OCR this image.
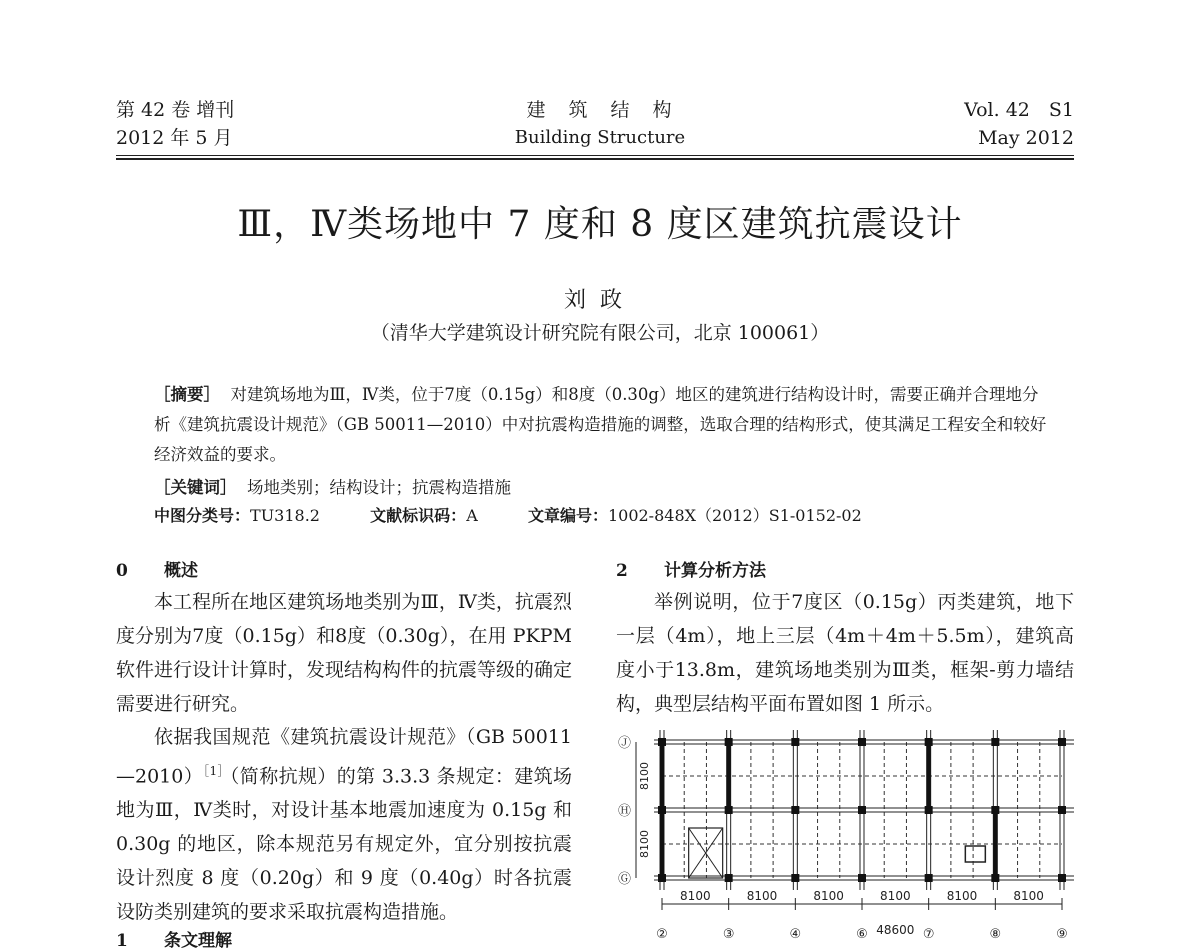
第 42 卷 增刊
2012 年 5 月
建　筑　结　构
Building Structure
Vol. 42　S1
May 2012
Ⅲ，Ⅳ类场地中 7 度和 8 度区建筑抗震设计
刘政
（清华大学建筑设计研究院有限公司，北京 100061）
［摘要］ 对建筑场地为Ⅲ，Ⅳ类，位于7度（0.15g）和8度（0.30g）地区的建筑进行结构设计时，需要正确并合理地分析《建筑抗震设计规范》（GB 50011—2010）中对抗震构造措施的调整，选取合理的结构形式，使其满足工程安全和较好经济效益的要求。
［关键词］ 场地类别；结构设计；抗震构造措施
中图分类号：TU318.2	文献标识码：A	文章编号：1002-848X（2012）S1-0152-02
0 概述
本工程所在地区建筑场地类别为Ⅲ，Ⅳ类，抗震烈度分别为7度（0.15g）和8度（0.30g），在用 PKPM 软件进行设计计算时，发现结构构件的抗震等级的确定需要进行研究。
依据我国规范《建筑抗震设计规范》（GB 50011—2010）$^{[1]}$（简称抗规）的第 3.3.3 条规定：建筑场地为Ⅲ，Ⅳ类时，对设计基本地震加速度为 0.15g 和 0.30g 的地区，除本规范另有规定外，宜分别按抗震设计烈度 8 度（0.20g）和 9 度（0.40g）时各抗震设防类别建筑的要求采取抗震构造措施。
1 条文理解
2 计算分析方法
举例说明，位于7度区（0.15g）丙类建筑，地下一层（4m），地上三层（4m＋4m＋5.5m），建筑高度小于13.8m，建筑场地类别为Ⅲ类，框架-剪力墙结构，典型层结构平面布置如图 1 所示。
Ⓙ
Ⓗ
Ⓖ
8100
8100
8100	8100	8100	8100	8100	8100
②	③	④	⑥	⑦	⑧	⑨
48600
